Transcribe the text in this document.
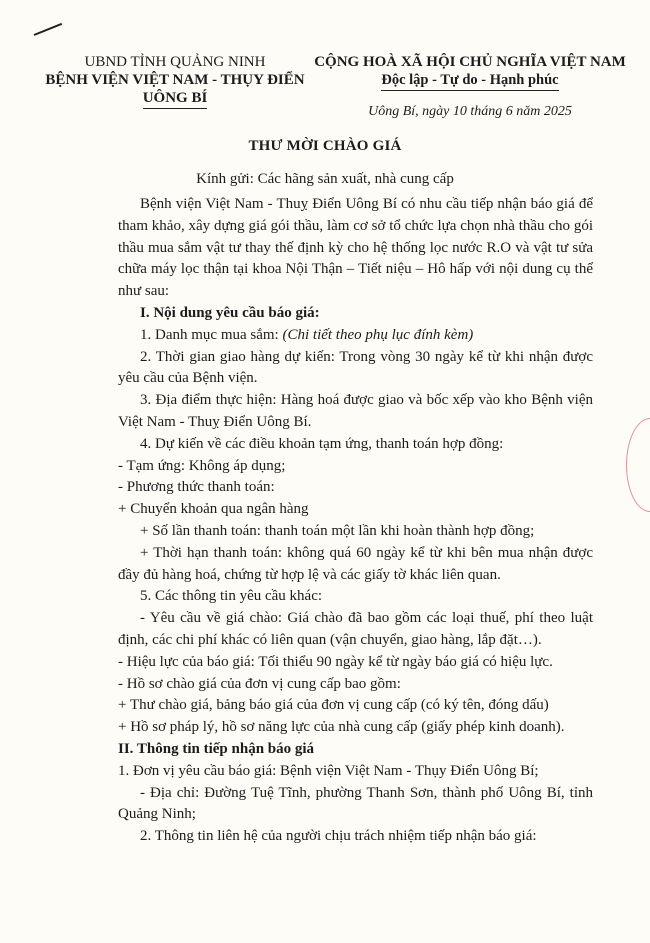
UBND TỈNH QUẢNG NINH
BỆNH VIỆN VIỆT NAM - THỤY ĐIỂN
UÔNG BÍ
CỘNG HOÀ XÃ HỘI CHỦ NGHĨA VIỆT NAM
Độc lập - Tự do - Hạnh phúc
Uông Bí, ngày 10 tháng 6 năm 2025
THƯ MỜI CHÀO GIÁ
Kính gửi: Các hãng sản xuất, nhà cung cấp

Bệnh viện Việt Nam - Thuỵ Điển Uông Bí có nhu cầu tiếp nhận báo giá để tham khảo, xây dựng giá gói thầu, làm cơ sở tổ chức lựa chọn nhà thầu cho gói thầu mua sắm vật tư thay thế định kỳ cho hệ thống lọc nước R.O và vật tư sửa chữa máy lọc thận tại khoa Nội Thận – Tiết niệu – Hô hấp với nội dung cụ thể như sau:

I. Nội dung yêu cầu báo giá:

1. Danh mục mua sắm: (Chi tiết theo phụ lục đính kèm)

2. Thời gian giao hàng dự kiến: Trong vòng 30 ngày kể từ khi nhận được yêu cầu của Bệnh viện.

3. Địa điểm thực hiện: Hàng hoá được giao và bốc xếp vào kho Bệnh viện Việt Nam - Thuỵ Điển Uông Bí.

4. Dự kiến về các điều khoản tạm ứng, thanh toán hợp đồng:

- Tạm ứng: Không áp dụng;

- Phương thức thanh toán:

+ Chuyển khoản qua ngân hàng

+ Số lần thanh toán: thanh toán một lần khi hoàn thành hợp đồng;

+ Thời hạn thanh toán: không quá 60 ngày kể từ khi bên mua nhận được đầy đủ hàng hoá, chứng từ hợp lệ và các giấy tờ khác liên quan.

5. Các thông tin yêu cầu khác:

- Yêu cầu về giá chào: Giá chào đã bao gồm các loại thuế, phí theo luật định, các chi phí khác có liên quan (vận chuyển, giao hàng, lắp đặt…).

- Hiệu lực của báo giá: Tối thiểu 90 ngày kể từ ngày báo giá có hiệu lực.

- Hồ sơ chào giá của đơn vị cung cấp bao gồm:

+ Thư chào giá, bảng báo giá của đơn vị cung cấp (có ký tên, đóng dấu)

+ Hồ sơ pháp lý, hồ sơ năng lực của nhà cung cấp (giấy phép kinh doanh).

II. Thông tin tiếp nhận báo giá

1. Đơn vị yêu cầu báo giá: Bệnh viện Việt Nam - Thụy Điển Uông Bí;

- Địa chỉ: Đường Tuệ Tĩnh, phường Thanh Sơn, thành phố Uông Bí, tỉnh Quảng Ninh;

2. Thông tin liên hệ của người chịu trách nhiệm tiếp nhận báo giá:
